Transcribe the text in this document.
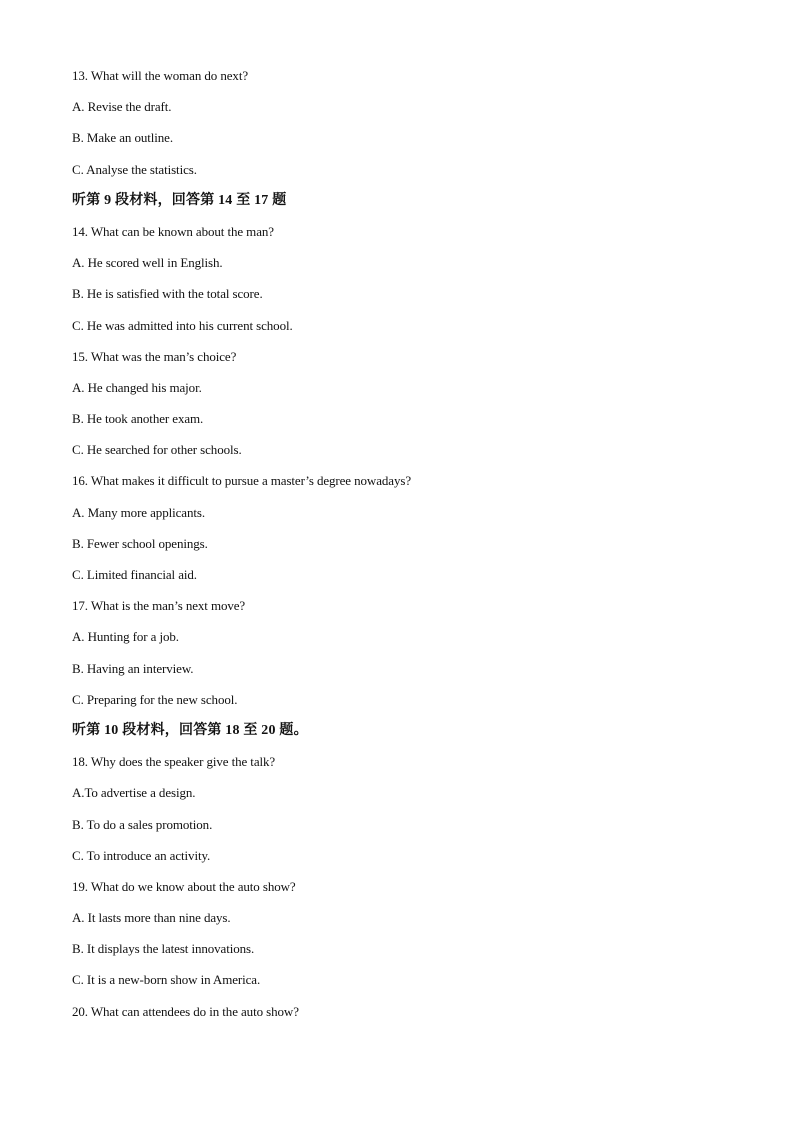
13. What will the woman do next?
A. Revise the draft.
B. Make an outline.
C. Analyse the statistics.
听第 9 段材料，回答第 14 至 17 题
14. What can be known about the man?
A. He scored well in English.
B. He is satisfied with the total score.
C. He was admitted into his current school.
15. What was the man’s choice?
A. He changed his major.
B. He took another exam.
C. He searched for other schools.
16. What makes it difficult to pursue a master’s degree nowadays?
A. Many more applicants.
B. Fewer school openings.
C. Limited financial aid.
17. What is the man’s next move?
A. Hunting for a job.
B. Having an interview.
C. Preparing for the new school.
听第 10 段材料，回答第 18 至 20 题。
18. Why does the speaker give the talk?
A.To advertise a design.
B. To do a sales promotion.
C. To introduce an activity.
19. What do we know about the auto show?
A. It lasts more than nine days.
B. It displays the latest innovations.
C. It is a new-born show in America.
20. What can attendees do in the auto show?
